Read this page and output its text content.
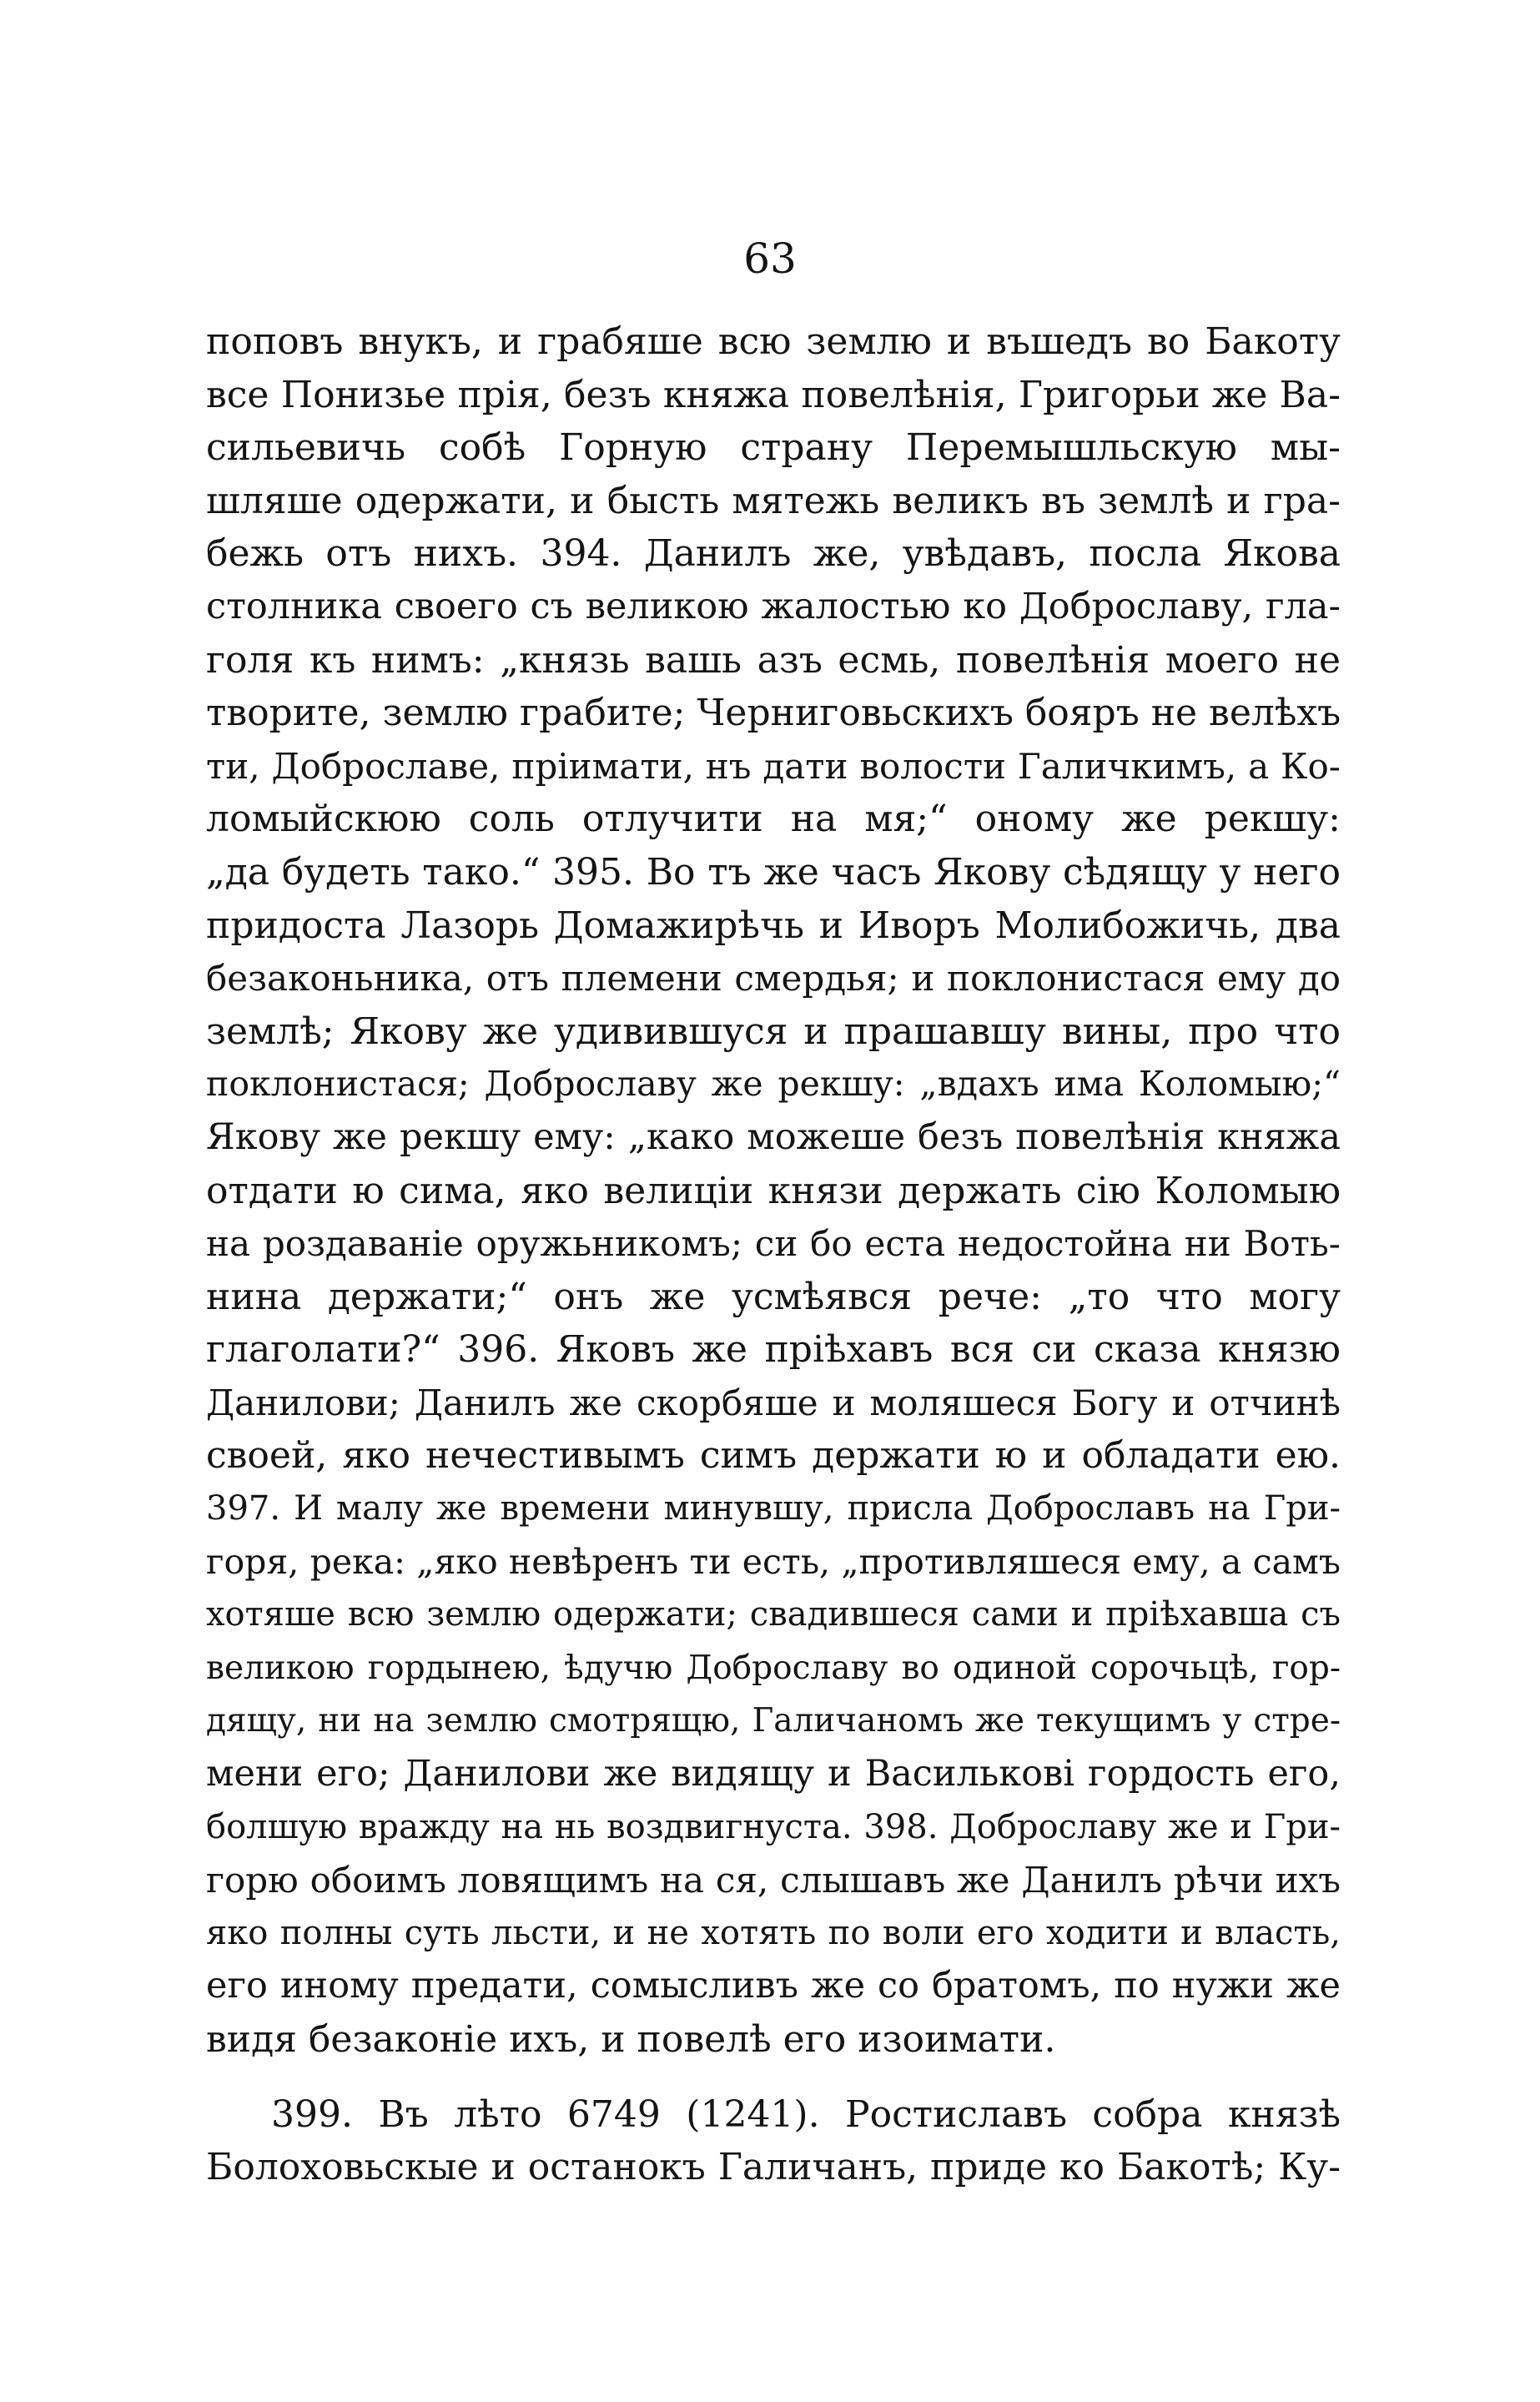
63
поповъ внукъ, и грабяше всю землю и въшедъ во Бакоту
все Понизье прія, безъ княжа повелѣнія, Григорьи же Ва-
сильевичь собѣ Горную страну Перемышльскую мы-
шляше одержати, и бысть мятежь великъ въ землѣ и гра-
бежь отъ нихъ. 394. Данилъ же, увѣдавъ, посла Якова
столника своего съ великою жалостью ко Доброславу, гла-
голя къ нимъ: „князь вашь азъ есмь, повелѣнія моего не
творите, землю грабите; Черниговьскихъ бояръ не велѣхъ
ти, Доброславе, пріимати, нъ дати волости Галичкимъ, а Ко-
ломыйскюю соль отлучити на мя;“ оному же рекшу:
„да будеть тако.“ 395. Во тъ же часъ Якову сѣдящу у него
придоста Лазорь Домажирѣчь и Иворъ Молибожичь, два
безаконьника, отъ племени смердья; и поклонистася ему до
землѣ; Якову же удивившуся и прашавшу вины, про что
поклонистася; Доброславу же рекшу: „вдахъ има Коломыю;“
Якову же рекшу ему: „како можеше безъ повелѣнія княжа
отдати ю сима, яко велиціи князи держать сію Коломыю
на роздаваніе оружьникомъ; си бо еста недостойна ни Воть-
нина держати;“ онъ же усмѣявся рече: „то что могу
глаголати?“ 396. Яковъ же пріѣхавъ вся си сказа князю
Данилови; Данилъ же скорбяше и моляшеся Богу и отчинѣ
своей, яко нечестивымъ симъ держати ю и обладати ею.
397. И малу же времени минувшу, присла Доброславъ на Гри-
горя, река: „яко невѣренъ ти есть, „противляшеся ему, а самъ
хотяше всю землю одержати; свадившеся сами и пріѣхавша съ
великою гордынею, ѣдучю Доброславу во одиной сорочьцѣ, гор-
дящу, ни на землю смотрящю, Галичаномъ же текущимъ у стре-
мени его; Данилови же видящу и Васильковi гордость его,
болшую вражду на нь воздвигнуста. 398. Доброславу же и Гри-
горю обоимъ ловящимъ на ся, слышавъ же Данилъ рѣчи ихъ
яко полны суть льсти, и не хотять по воли его ходити и власть,
его иному предати, сомысливъ же со братомъ, по нужи же
видя безаконіе ихъ, и повелѣ его изоимати.
399. Въ лѣто 6749 (1241). Ростиславъ собра князѣ
Болоховьскые и останокъ Галичанъ, приде ко Бакотѣ; Ку-
